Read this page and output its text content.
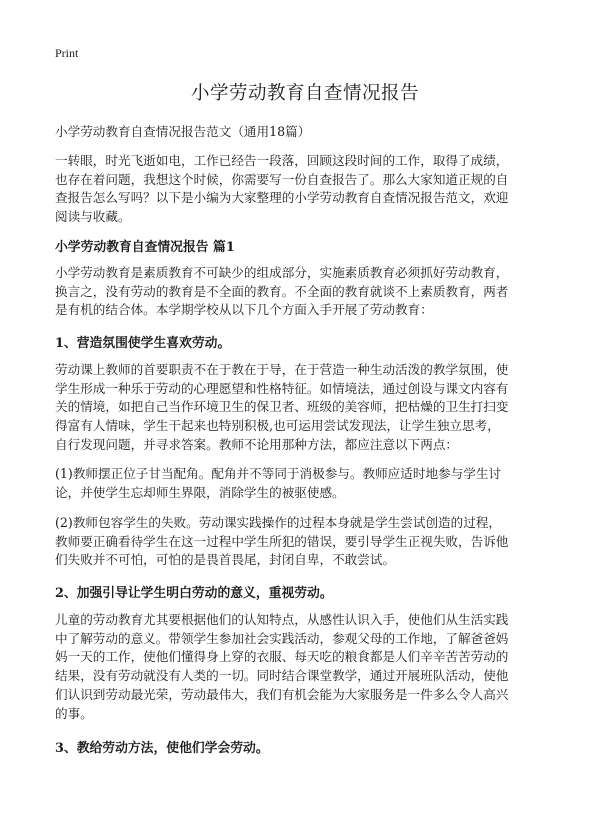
Print
小学劳动教育自查情况报告
小学劳动教育自查情况报告范文（通用18篇）
一转眼，时光飞逝如电，工作已经告一段落，回顾这段时间的工作，取得了成绩，
也存在着问题，我想这个时候，你需要写一份自查报告了。那么大家知道正规的自
查报告怎么写吗？以下是小编为大家整理的小学劳动教育自查情况报告范文，欢迎
阅读与收藏。
小学劳动教育自查情况报告 篇1
小学劳动教育是素质教育不可缺少的组成部分，实施素质教育必须抓好劳动教育，
换言之，没有劳动的教育是不全面的教育。不全面的教育就谈不上素质教育，两者
是有机的结合体。本学期学校从以下几个方面入手开展了劳动教育：
1、营造氛围使学生喜欢劳动。
劳动课上教师的首要职责不在于教在于导，在于营造一种生动活泼的教学氛围，使
学生形成一种乐于劳动的心理愿望和性格特征。如情境法，通过创设与课文内容有
关的情境，如把自己当作环境卫生的保卫者、班级的美容师，把枯燥的卫生打扫变
得富有人情味，学生干起来也特别积极,也可运用尝试发现法，让学生独立思考，
自行发现问题，并寻求答案。教师不论用那种方法，都应注意以下两点：
(1)教师摆正位子甘当配角。配角并不等同于消极参与。教师应适时地参与学生讨
论，并使学生忘却师生界限，消除学生的被驱使感。
(2)教师包容学生的失败。劳动课实践操作的过程本身就是学生尝试创造的过程，
教师要正确看待学生在这一过程中学生所犯的错误，要引导学生正视失败，告诉他
们失败并不可怕，可怕的是畏首畏尾，封闭自卑，不敢尝试。
2、加强引导让学生明白劳动的意义，重视劳动。
儿童的劳动教育尤其要根据他们的认知特点，从感性认识入手，使他们从生活实践
中了解劳动的意义。带领学生参加社会实践活动，参观父母的工作地，了解爸爸妈
妈一天的工作，使他们懂得身上穿的衣服、每天吃的粮食都是人们辛辛苦苦劳动的
结果，没有劳动就没有人类的一切。同时结合课堂教学，通过开展班队活动，使他
们认识到劳动最光荣，劳动最伟大，我们有机会能为大家服务是一件多么令人高兴
的事。
3、教给劳动方法，使他们学会劳动。
